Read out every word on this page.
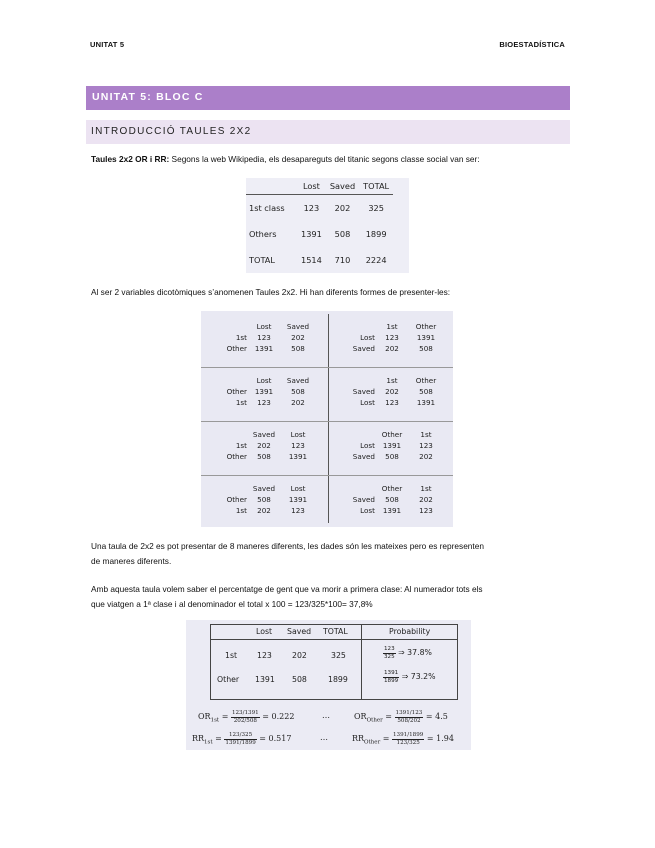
UNITAT 5	BIOESTADÍSTICA
UNITAT 5: BLOC C
INTRODUCCIÓ TAULES 2X2
Taules 2x2 OR i RR: Segons la web Wikipedia, els desapareguts del titanic segons classe social van ser:
	Lost	Saved	TOTAL
1st class	123	202	325
Others	1391	508	1899
TOTAL	1514	710	2224
Al ser 2 variables dicotòmiques s’anomenen Taules 2x2. Hi han diferents formes de presenter-les:
Lost	Saved
1st	123	202
Other	1391	508
1st	Other
Lost	123	1391
Saved	202	508
Lost	Saved
Other	1391	508
1st	123	202
1st	Other
Saved	202	508
Lost	123	1391
Saved	Lost
1st	202	123
Other	508	1391
Other	1st
Lost	1391	123
Saved	508	202
Saved	Lost
Other	508	1391
1st	202	123
Other	1st
Saved	508	202
Lost	1391	123
Una taula de 2x2 es pot presentar de 8 maneres diferents, les dades són les mateixes pero es representen
de maneres diferents.
Amb aquesta taula volem saber el percentatge de gent que va morir a primera clase: Al numerador tots els
que viatgen a 1ª clase i al denominador el total x 100 = 123/325*100= 37,8%
Lost Saved TOTAL	Probability
1st	123	202	325	$\frac{123}{325}$ ⇒ 37.8%
Other 1391 508	1899	$\frac{1391}{1899}$ ⇒ 73.2%
$OR_{1st} = \frac{123/1391}{202/508} = 0.222$	…	$OR_{Other} = \frac{1391/123}{508/202} = 4.5$
$RR_{1st} = \frac{123/325}{1391/1899} = 0.517$	…	$RR_{Other} = \frac{1391/1899}{123/325} = 1.94$
